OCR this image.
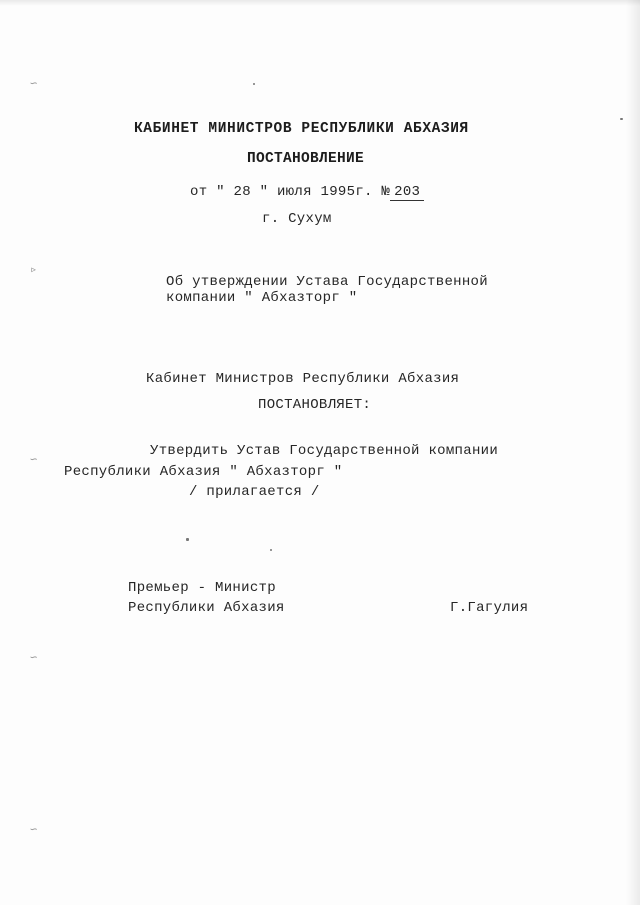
∽
▹
∽
∽
∽
КАБИНЕТ МИНИСТРОВ РЕСПУБЛИКИ АБХАЗИЯ
ПОСТАНОВЛЕНИЕ
от " 28 " июля 1995г. № 203
г. Сухум
Об утверждении Устава Государственной
компании " Абхазторг "
Кабинет Министров Республики Абхазия
ПОСТАНОВЛЯЕТ:
Утвердить Устав Государственной компании
Республики Абхазия " Абхазторг "
/ прилагается /
Премьер - Министр
Республики Абхазия	Г.Гагулия
